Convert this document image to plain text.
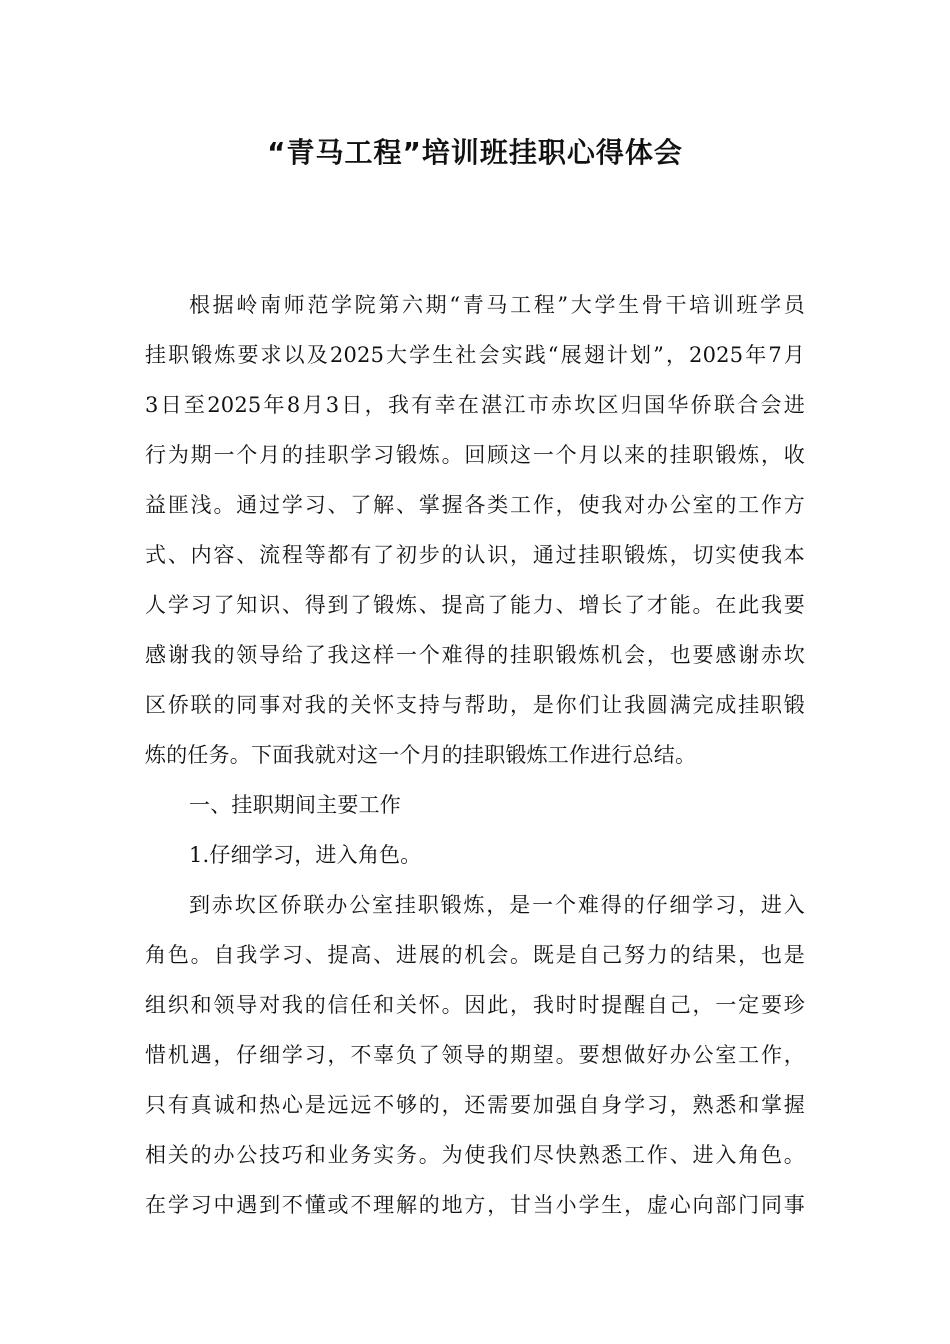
“青马工程”培训班挂职心得体会
根据岭南师范学院第六期“青马工程”大学生骨干培训班学员
挂职锻炼要求以及2025大学生社会实践“展翅计划”，2025年7月
3日至2025年8月3日，我有幸在湛江市赤坎区归国华侨联合会进
行为期一个月的挂职学习锻炼。回顾这一个月以来的挂职锻炼，收
益匪浅。通过学习、了解、掌握各类工作，使我对办公室的工作方
式、内容、流程等都有了初步的认识，通过挂职锻炼，切实使我本
人学习了知识、得到了锻炼、提高了能力、增长了才能。在此我要
感谢我的领导给了我这样一个难得的挂职锻炼机会，也要感谢赤坎
区侨联的同事对我的关怀支持与帮助，是你们让我圆满完成挂职锻
炼的任务。下面我就对这一个月的挂职锻炼工作进行总结。
一、挂职期间主要工作
1.仔细学习，进入角色。
到赤坎区侨联办公室挂职锻炼，是一个难得的仔细学习，进入
角色。自我学习、提高、进展的机会。既是自己努力的结果，也是
组织和领导对我的信任和关怀。因此，我时时提醒自己，一定要珍
惜机遇，仔细学习，不辜负了领导的期望。要想做好办公室工作，
只有真诚和热心是远远不够的，还需要加强自身学习，熟悉和掌握
相关的办公技巧和业务实务。为使我们尽快熟悉工作、进入角色。
在学习中遇到不懂或不理解的地方，甘当小学生，虚心向部门同事
